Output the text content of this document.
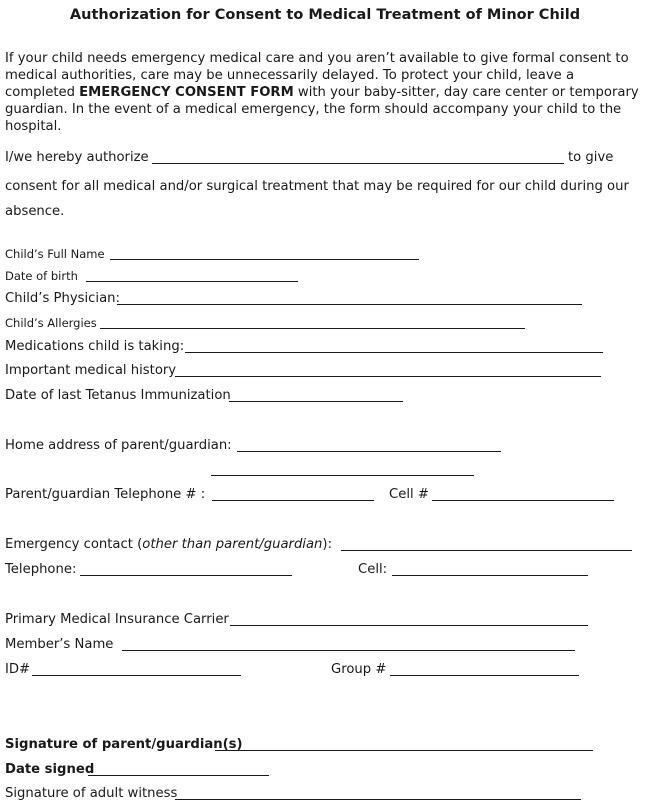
Authorization for Consent to Medical Treatment of Minor Child
If your child needs emergency medical care and you aren’t available to give formal consent to medical authorities, care may be unnecessarily delayed. To protect your child, leave a completed EMERGENCY CONSENT FORM with your baby-sitter, day care center or temporary guardian. In the event of a medical emergency, the form should accompany your child to the hospital.
I/we hereby authorize	to give
consent for all medical and/or surgical treatment that may be required for our child during our absence.
Child’s Full Name
Date of birth
Child’s Physician:
Child’s Allergies
Medications child is taking:
Important medical history
Date of last Tetanus Immunization
Home address of parent/guardian:
Parent/guardian Telephone # :	Cell #
Emergency contact (other than parent/guardian):
Telephone:	Cell:
Primary Medical Insurance Carrier
Member’s Name
ID#	Group #
Signature of parent/guardian(s)
Date signed
Signature of adult witness
